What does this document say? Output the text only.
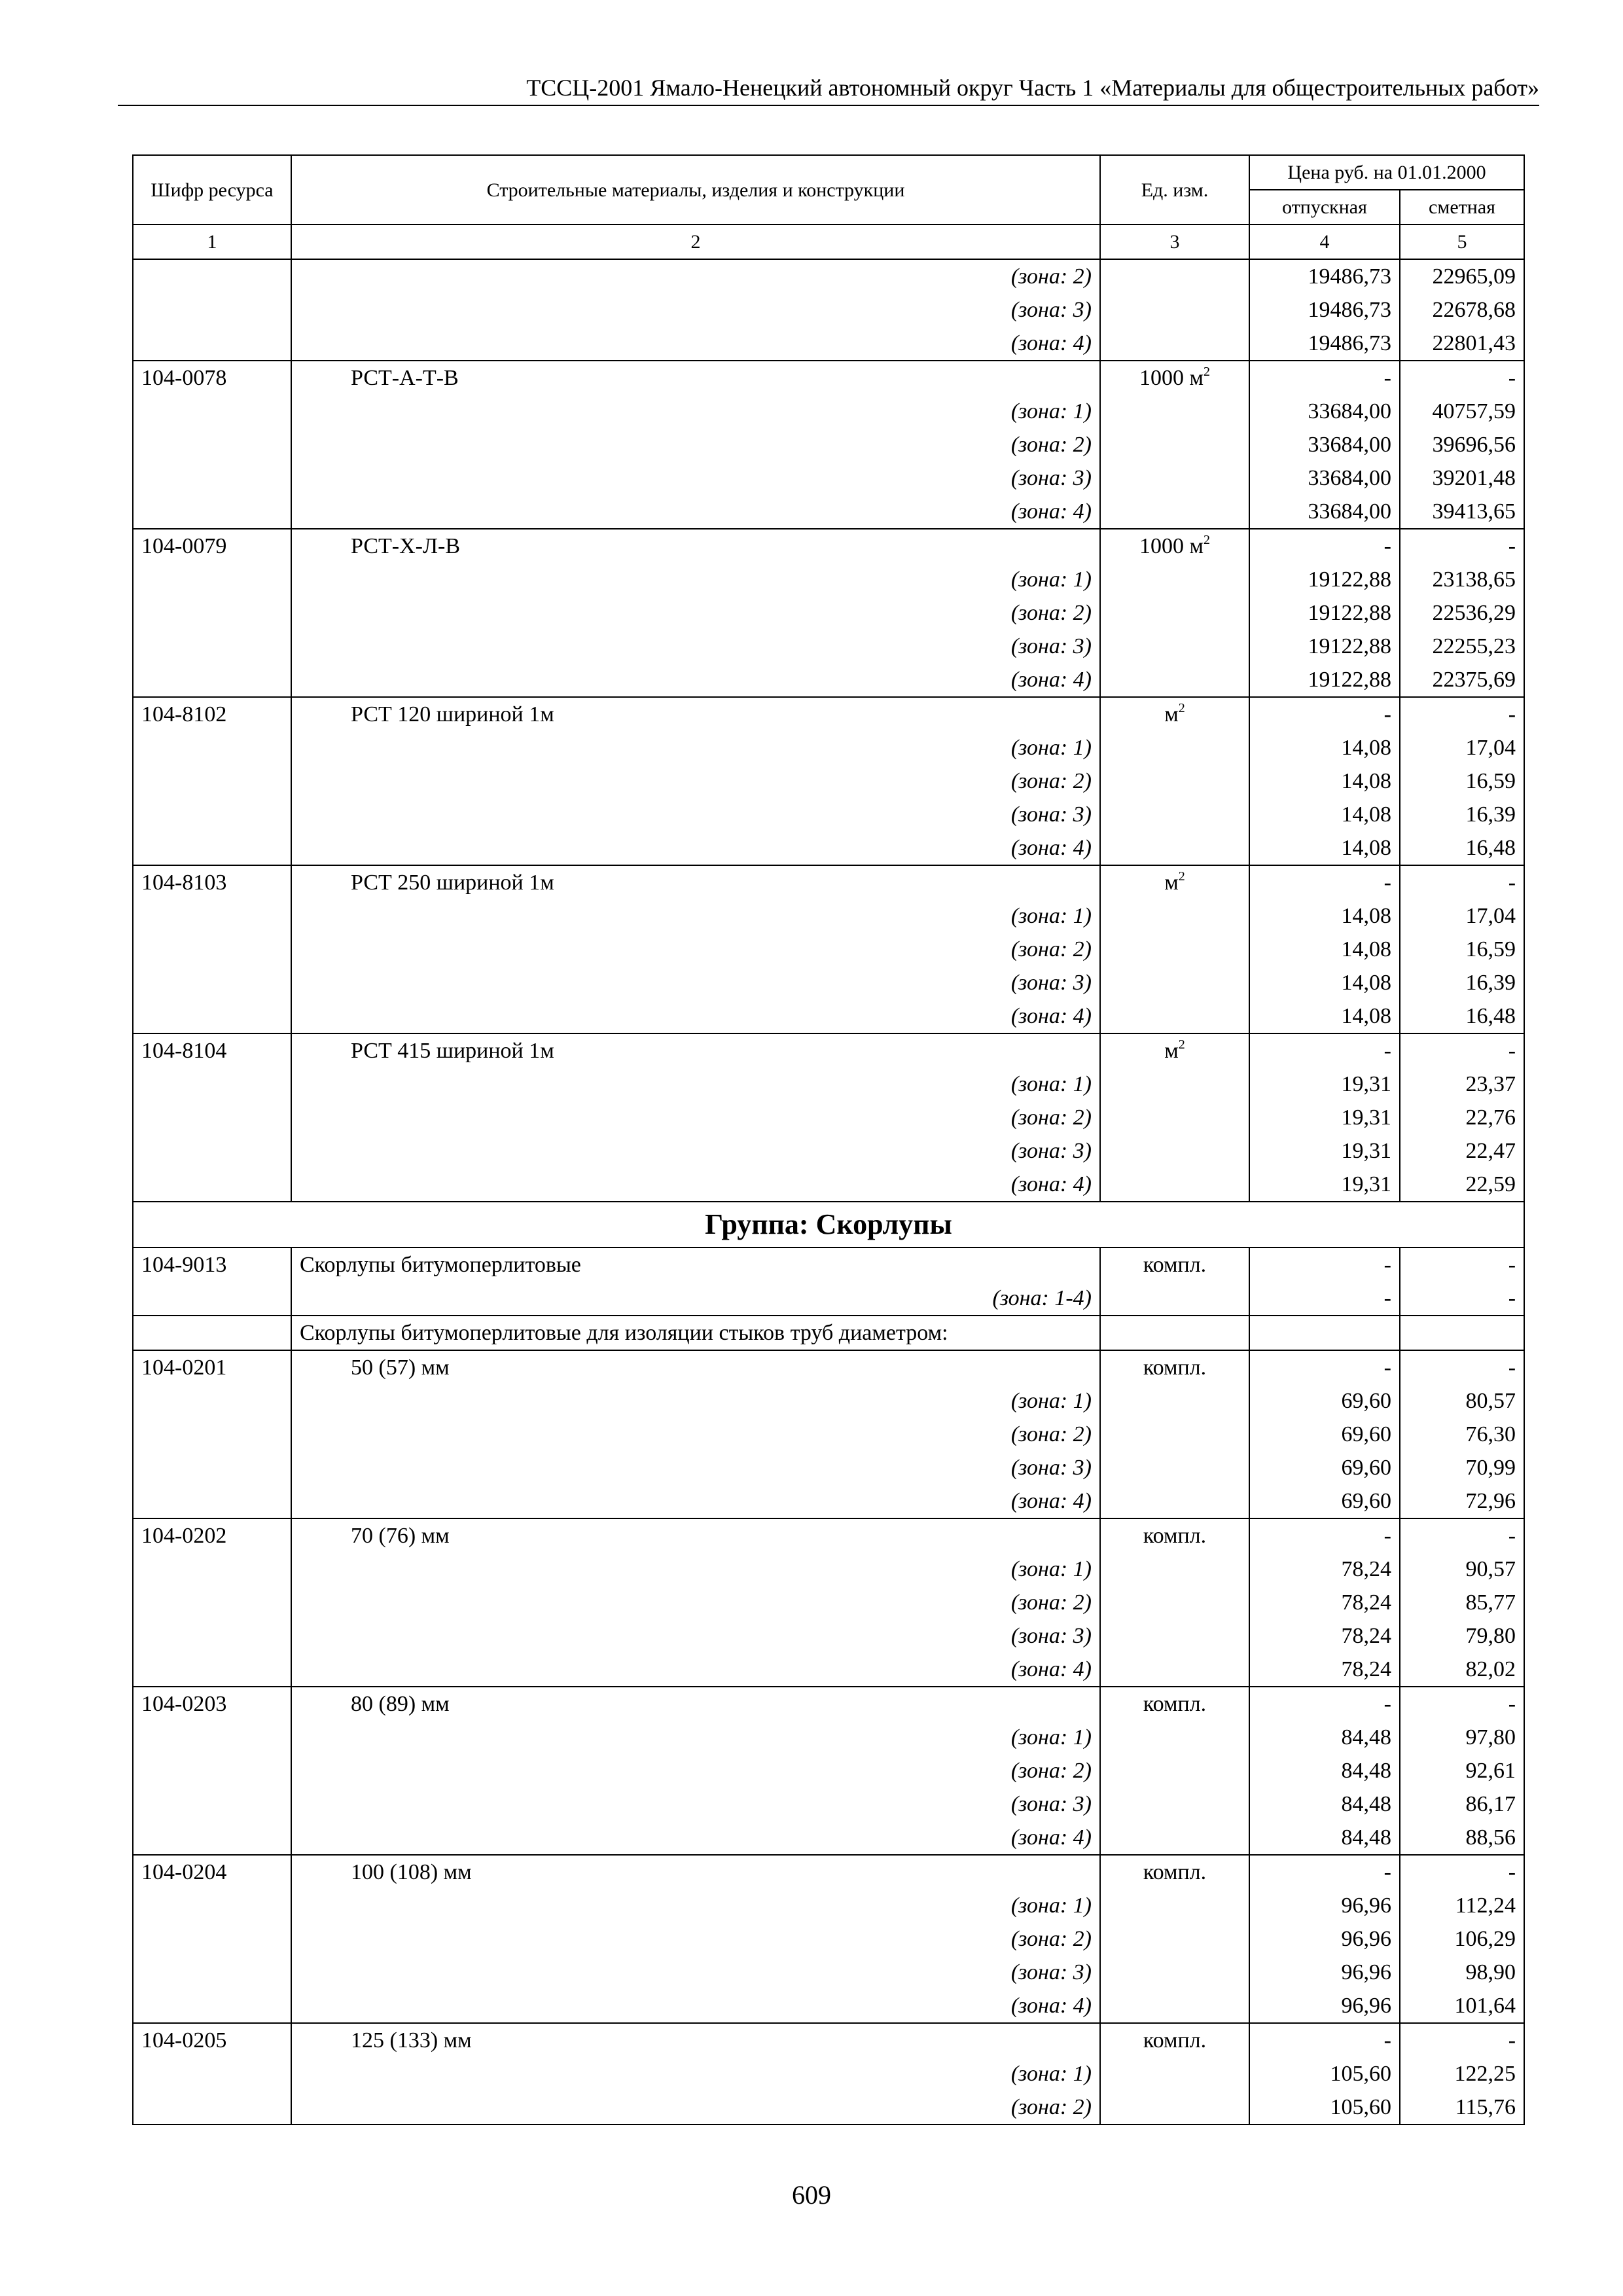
ТССЦ-2001 Ямало-Ненецкий автономный округ Часть 1 «Материалы для общестроительных работ»
Шифр ресурса	Строительные материалы, изделия и конструкции	Ед. изм.	Цена руб. на 01.01.2000	
			отпускная	сметная
1	2	3	4	5
	(зона: 2)		19486,73	22965,09
	(зона: 3)		19486,73	22678,68
	(зона: 4)		19486,73	22801,43
104-0078	РСТ-А-Т-В	1000 $м^2$	-	-
	(зона: 1)		33684,00	40757,59
	(зона: 2)		33684,00	39696,56
	(зона: 3)		33684,00	39201,48
	(зона: 4)		33684,00	39413,65
104-0079	РСТ-Х-Л-В	1000 $м^2$	-	-
	(зона: 1)		19122,88	23138,65
	(зона: 2)		19122,88	22536,29
	(зона: 3)		19122,88	22255,23
	(зона: 4)		19122,88	22375,69
104-8102	РСТ 120 шириной 1м	$м^2$	-	-
	(зона: 1)		14,08	17,04
	(зона: 2)		14,08	16,59
	(зона: 3)		14,08	16,39
	(зона: 4)		14,08	16,48
104-8103	РСТ 250 шириной 1м	$м^2$	-	-
	(зона: 1)		14,08	17,04
	(зона: 2)		14,08	16,59
	(зона: 3)		14,08	16,39
	(зона: 4)		14,08	16,48
104-8104	РСТ 415 шириной 1м	$м^2$	-	-
	(зона: 1)		19,31	23,37
	(зона: 2)		19,31	22,76
	(зона: 3)		19,31	22,47
	(зона: 4)		19,31	22,59
Группа: Скорлупы				
104-9013	Скорлупы битумоперлитовые	компл.	-	-
	(зона: 1-4)		-	-
	Скорлупы битумоперлитовые для изоляции стыков труб диаметром:			
104-0201	50 (57) мм	компл.	-	-
	(зона: 1)		69,60	80,57
	(зона: 2)		69,60	76,30
	(зона: 3)		69,60	70,99
	(зона: 4)		69,60	72,96
104-0202	70 (76) мм	компл.	-	-
	(зона: 1)		78,24	90,57
	(зона: 2)		78,24	85,77
	(зона: 3)		78,24	79,80
	(зона: 4)		78,24	82,02
104-0203	80 (89) мм	компл.	-	-
	(зона: 1)		84,48	97,80
	(зона: 2)		84,48	92,61
	(зона: 3)		84,48	86,17
	(зона: 4)		84,48	88,56
104-0204	100 (108) мм	компл.	-	-
	(зона: 1)		96,96	112,24
	(зона: 2)		96,96	106,29
	(зона: 3)		96,96	98,90
	(зона: 4)		96,96	101,64
104-0205	125 (133) мм	компл.	-	-
	(зона: 1)		105,60	122,25
	(зона: 2)		105,60	115,76
609
